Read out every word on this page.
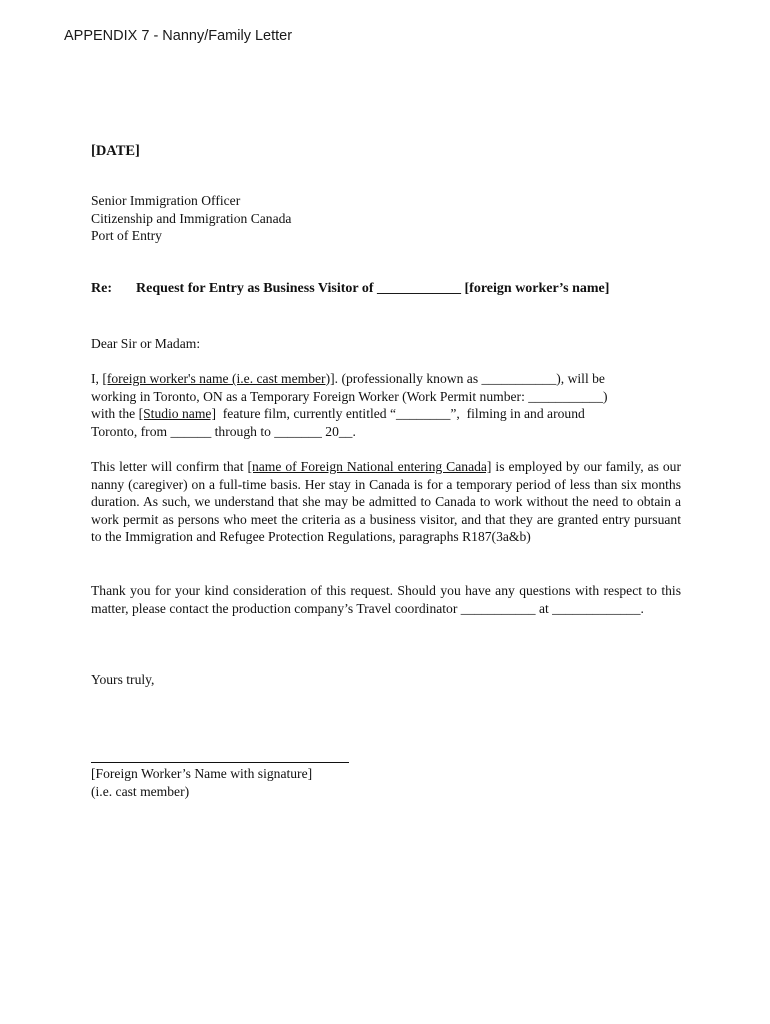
APPENDIX 7 - Nanny/Family Letter
[DATE]
Senior Immigration Officer
Citizenship and Immigration Canada
Port of Entry
Re: Request for Entry as Business Visitor of ____________ [foreign worker’s name]
Dear Sir or Madam:
I, [foreign worker's name (i.e. cast member)]. (professionally known as ___________), will be
working in Toronto, ON as a Temporary Foreign Worker (Work Permit number: ___________)
with the [Studio name]  feature film, currently entitled “________”,  filming in and around
Toronto, from ______ through to _______ 20__.
This letter will confirm that [name of Foreign National entering Canada] is employed by our family, as our nanny (caregiver) on a full-time basis. Her stay in Canada is for a temporary period of less than six months duration. As such, we understand that she may be admitted to Canada to work without the need to obtain a work permit as persons who meet the criteria as a business visitor, and that they are granted entry pursuant to the Immigration and Refugee Protection Regulations, paragraphs R187(3a&b)
Thank you for your kind consideration of this request. Should you have any questions with respect to this matter, please contact the production company’s Travel coordinator ___________ at _____________.
Yours truly,
[Foreign Worker’s Name with signature]
(i.e. cast member)
